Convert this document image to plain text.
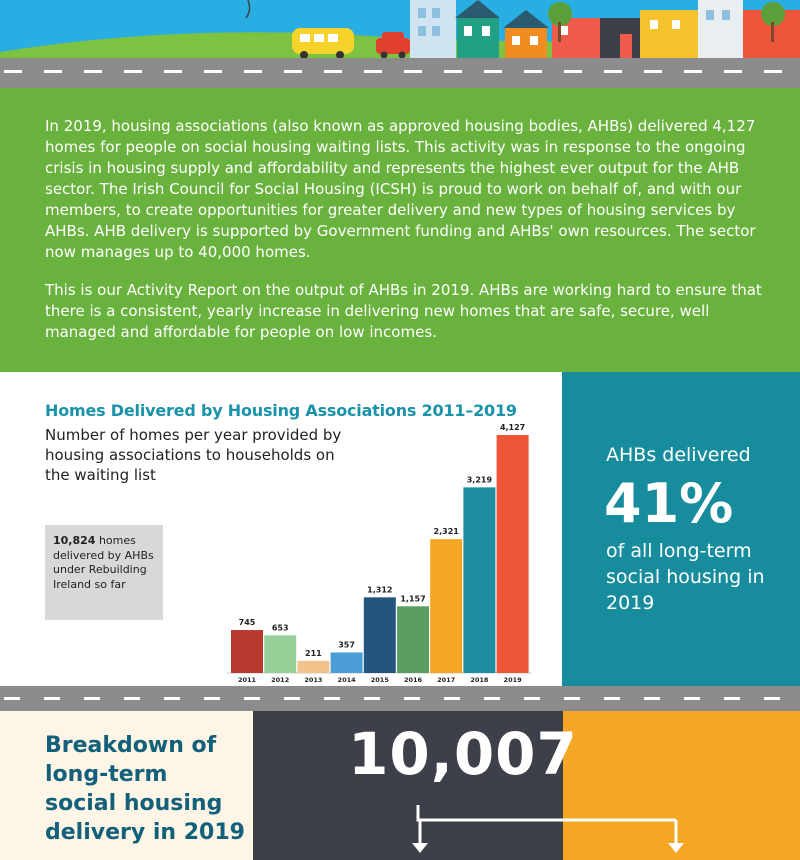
In 2019, housing associations (also known as approved housing bodies, AHBs) delivered 4,127 homes for people on social housing waiting lists. This activity was in response to the ongoing crisis in housing supply and affordability and represents the highest ever output for the AHB sector. The Irish Council for Social Housing (ICSH) is proud to work on behalf of, and with our members, to create opportunities for greater delivery and new types of housing services by AHBs. AHB delivery is supported by Government funding and AHBs' own resources. The sector now manages up to 40,000 homes.

This is our Activity Report on the output of AHBs in 2019. AHBs are working hard to ensure that there is a consistent, yearly increase in delivering new homes that are safe, secure, well managed and affordable for people on low incomes.

745
2011
653
2012
211
2013
357
2014
1,312
2015
1,157
2016
2,321
2017
3,219
2018
4,127
2019
Homes Delivered by Housing Associations 2011–2019
Number of homes per year provided by housing associations to households on the waiting list
10,824 homes delivered by AHBs under Rebuilding Ireland so far
AHBs delivered
41%
of all long-term social housing in 2019
Breakdown of long-term social housing delivery in 2019
10,007
